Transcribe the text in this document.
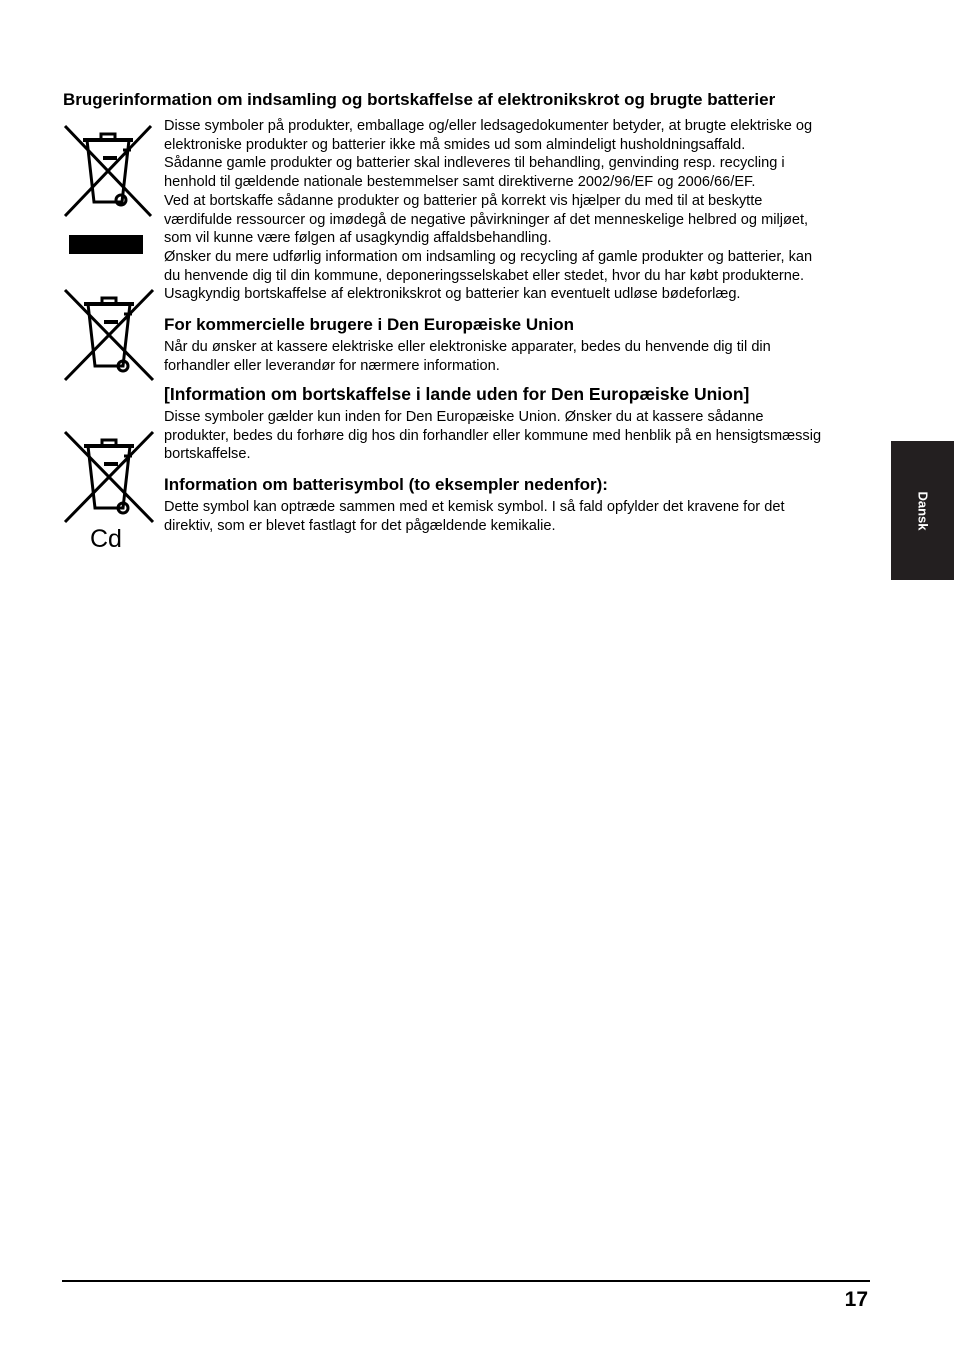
Brugerinformation om indsamling og bortskaffelse af elektronikskrot og brugte batterier
Cd

Disse symboler på produkter, emballage og/eller ledsagedokumenter betyder, at brugte elektriske og
elektroniske produkter og batterier ikke må smides ud som almindeligt husholdningsaffald.
Sådanne gamle produkter og batterier skal indleveres til behandling, genvinding resp. recycling i
henhold til gældende nationale bestemmelser samt direktiverne 2002/96/EF og 2006/66/EF.
Ved at bortskaffe sådanne produkter og batterier på korrekt vis hjælper du med til at beskytte
værdifulde ressourcer og imødegå de negative påvirkninger af det menneskelige helbred og miljøet,
som vil kunne være følgen af usagkyndig affaldsbehandling.
Ønsker du mere udførlig information om indsamling og recycling af gamle produkter og batterier, kan
du henvende dig til din kommune, deponeringsselskabet eller stedet, hvor du har købt produkterne.
Usagkyndig bortskaffelse af elektronikskrot og batterier kan eventuelt udløse bødeforlæg.

For kommercielle brugere i Den Europæiske Union

Når du ønsker at kassere elektriske eller elektroniske apparater, bedes du henvende dig til din
forhandler eller leverandør for nærmere information.

[Information om bortskaffelse i lande uden for Den Europæiske Union]

Disse symboler gælder kun inden for Den Europæiske Union. Ønsker du at kassere sådanne
produkter, bedes du forhøre dig hos din forhandler eller kommune med henblik på en hensigtsmæssig
bortskaffelse.

Information om batterisymbol (to eksempler nedenfor):

Dette symbol kan optræde sammen med et kemisk symbol. I så fald opfylder det kravene for det
direktiv, som er blevet fastlagt for det pågældende kemikalie.	Dansk
17
